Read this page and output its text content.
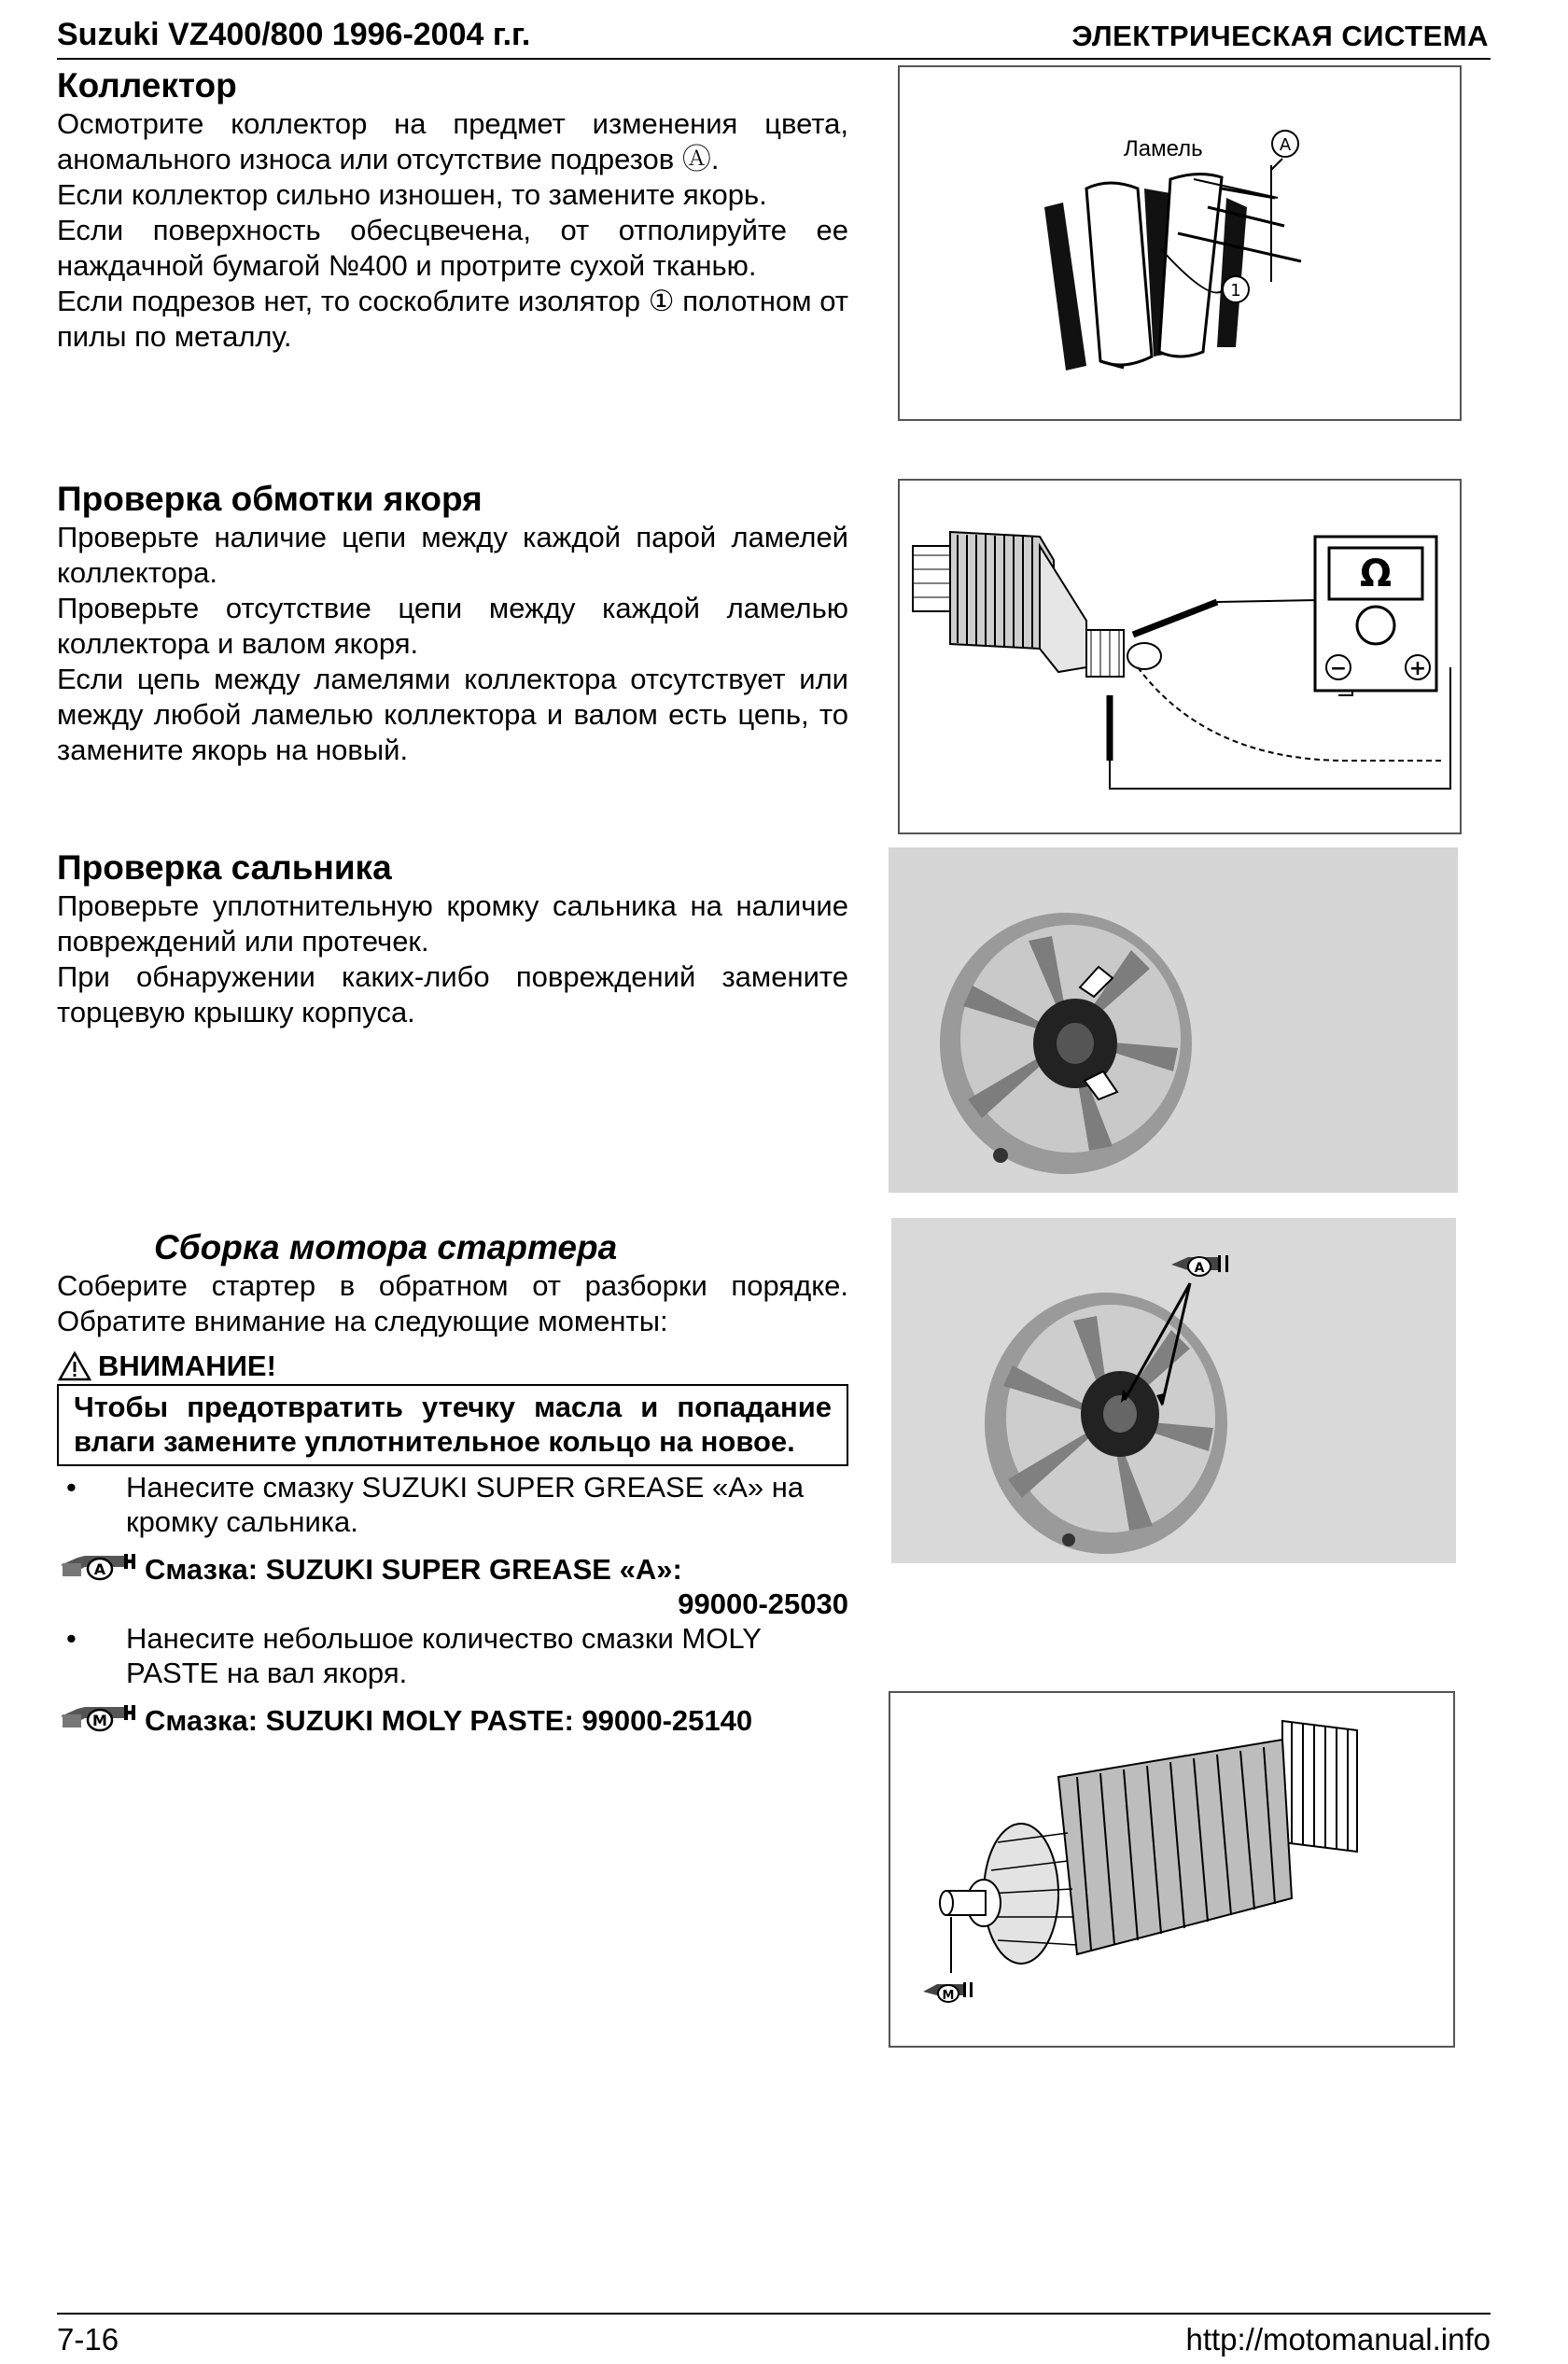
Suzuki VZ400/800 1996-2004 г.г.	ЭЛЕКТРИЧЕСКАЯ СИСТЕМА
Коллектор
Осмотрите коллектор на предмет изменения цвета, аномального износа или отсутствие подрезов Ⓐ.
Если коллектор сильно изношен, то замените якорь.
Если поверхность обесцвечена, от отполируйте ее наждачной бумагой №400 и протрите сухой тканью.
Если подрезов нет, то соскоблите изолятор ① полотном от пилы по металлу.
Проверка обмотки якоря
Проверьте наличие цепи между каждой парой ламелей коллектора.
Проверьте отсутствие цепи между каждой ламелью коллектора и валом якоря.
Если цепь между ламелями коллектора отсутствует или между любой ламелью коллектора и валом есть цепь, то замените якорь на новый.
Проверка сальника
Проверьте уплотнительную кромку сальника на наличие повреждений или протечек.
При обнаружении каких-либо повреждений замените торцевую крышку корпуса.
Сборка мотора стартера
Соберите стартер в обратном от разборки порядке. Обратите внимание на следующие моменты:
ВНИМАНИЕ!
Чтобы предотвратить утечку масла и попадание влаги замените уплотнительное кольцо на новое.
•	Нанесите смазку SUZUKI SUPER GREASE «А» на кромку сальника.
A Смазка: SUZUKI SUPER GREASE «А»:
99000-25030
•	Нанесите небольшое количество смазки MOLY PASTE на вал якоря.
M Смазка: SUZUKI MOLY PASTE: 99000-25140
A
Ламель
1
Ω
−	+
A
M
7-16	http://motomanual.info
